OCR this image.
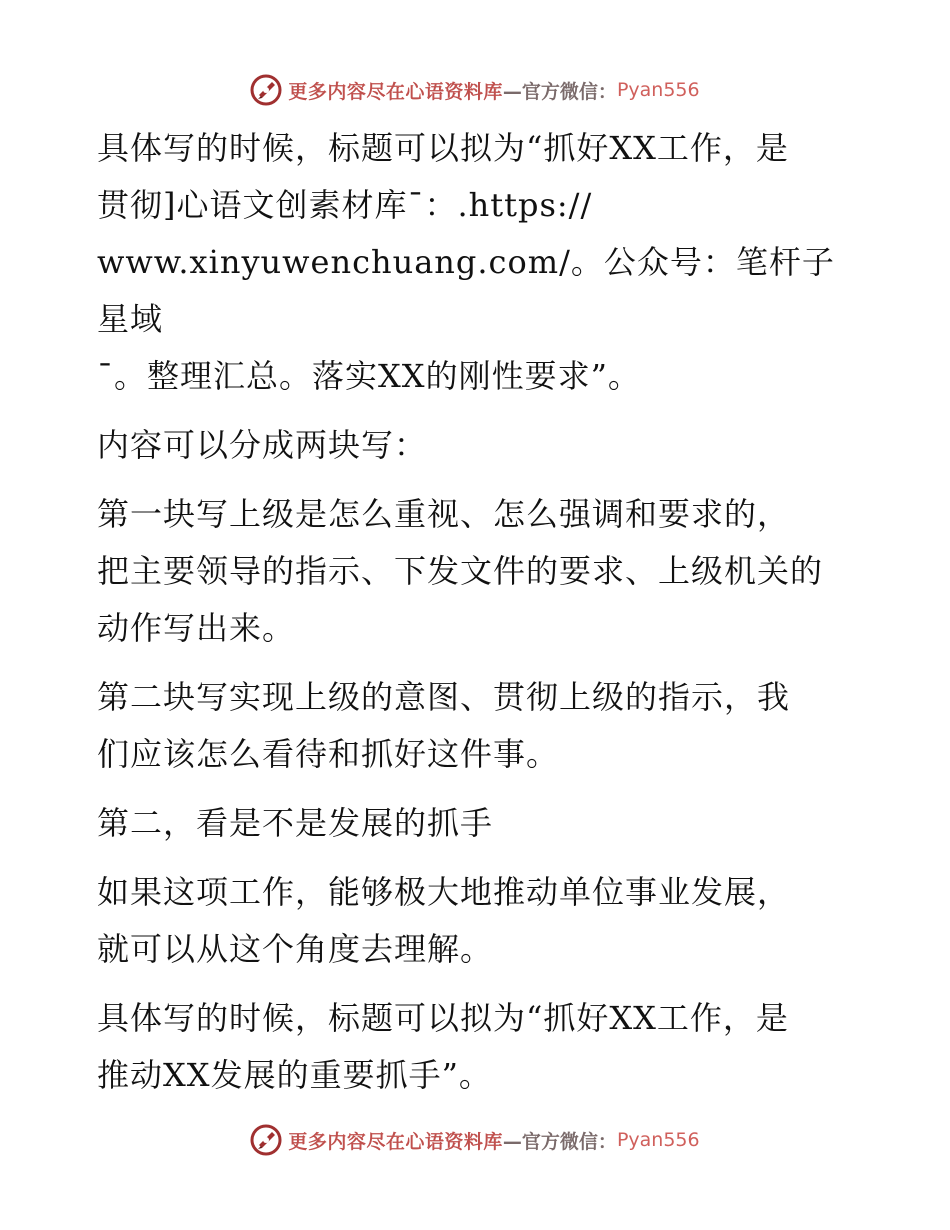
更多内容尽在心语资料库 —官方微信： Pyan556

具体写的时候，标题可以拟为“抓好XX工作，是
贯彻]心语文创素材库¯：.https://
www.xinyuwenchuang.com/。公众号：笔杆子星域
¯。整理汇总。落实XX的刚性要求”。

内容可以分成两块写：

第一块写上级是怎么重视、怎么强调和要求的，
把主要领导的指示、下发文件的要求、上级机关的
动作写出来。

第二块写实现上级的意图、贯彻上级的指示，我
们应该怎么看待和抓好这件事。

第二，看是不是发展的抓手

如果这项工作，能够极大地推动单位事业发展，
就可以从这个角度去理解。

具体写的时候，标题可以拟为“抓好XX工作，是
推动XX发展的重要抓手”。

更多内容尽在心语资料库 —官方微信： Pyan556
